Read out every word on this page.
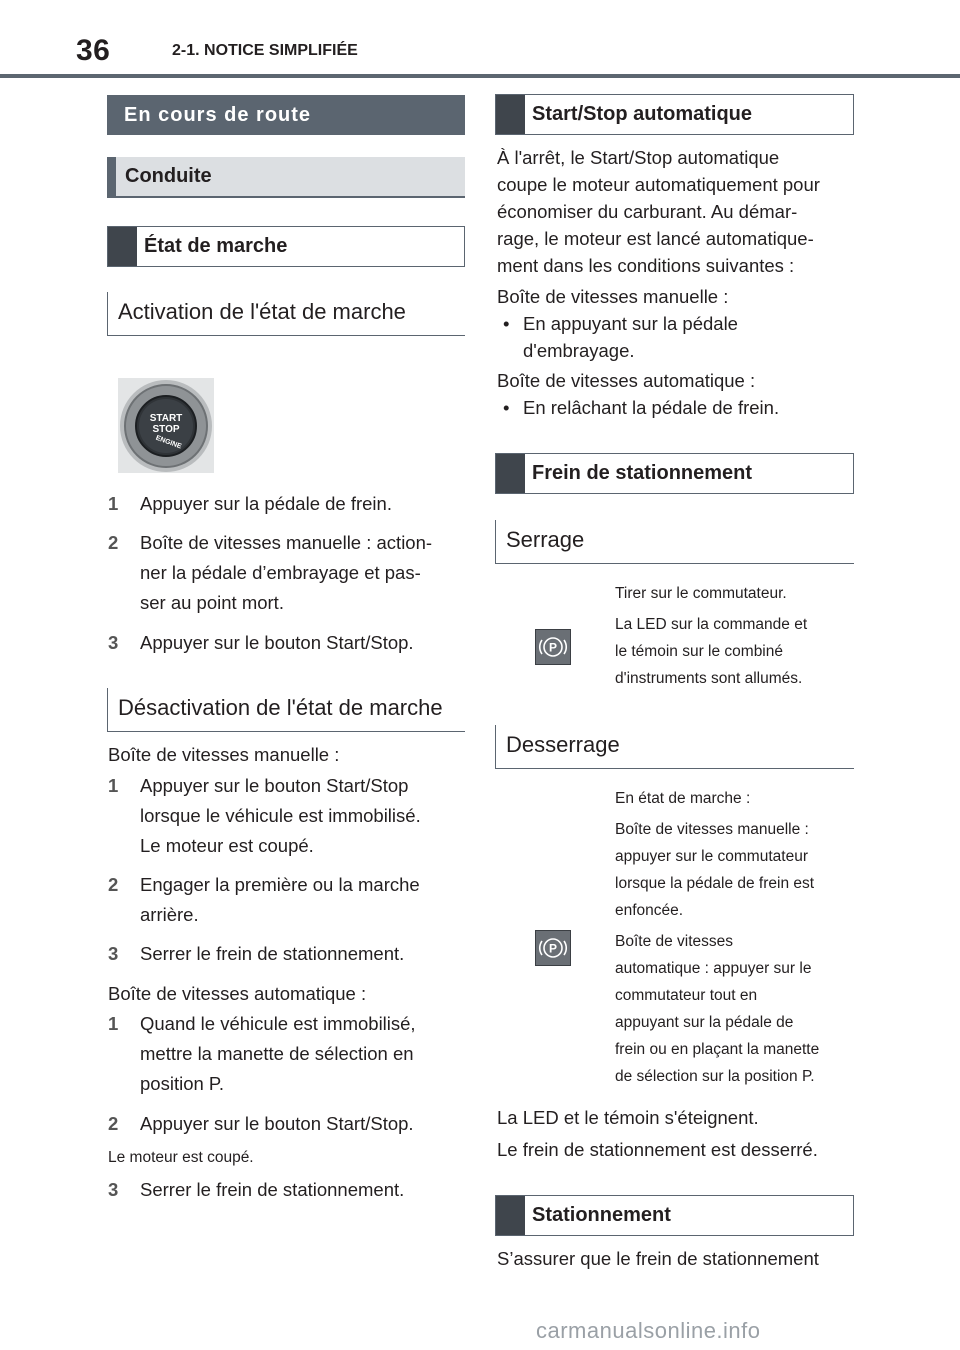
36	2-1. NOTICE SIMPLIFIÉE
En cours de route
Conduite
État de marche
Activation de l'état de marche
START
STOP
ENGINE
1 Appuyer sur la pédale de frein.
2 Boîte de vitesses manuelle : action-
ner la pédale d’embrayage et pas-
ser au point mort.
3 Appuyer sur le bouton Start/Stop.
Désactivation de l'état de marche
Boîte de vitesses manuelle :
1 Appuyer sur le bouton Start/Stop
lorsque le véhicule est immobilisé.
Le moteur est coupé.
2 Engager la première ou la marche
arrière.
3 Serrer le frein de stationnement.
Boîte de vitesses automatique :
1 Quand le véhicule est immobilisé,
mettre la manette de sélection en
position P.
2 Appuyer sur le bouton Start/Stop.
Le moteur est coupé.
3 Serrer le frein de stationnement.
Start/Stop automatique
À l'arrêt, le Start/Stop automatique
coupe le moteur automatiquement pour
économiser du carburant. Au démar-
rage, le moteur est lancé automatique-
ment dans les conditions suivantes :
Boîte de vitesses manuelle :
• En appuyant sur la pédale
d'embrayage.
Boîte de vitesses automatique :
• En relâchant la pédale de frein.
Frein de stationnement
Serrage
P
Tirer sur le commutateur.
La LED sur la commande et
le témoin sur le combiné
d'instruments sont allumés.
Desserrage
P
En état de marche :
Boîte de vitesses manuelle :
appuyer sur le commutateur
lorsque la pédale de frein est
enfoncée.
Boîte de vitesses
automatique : appuyer sur le
commutateur tout en
appuyant sur la pédale de
frein ou en plaçant la manette
de sélection sur la position P.
La LED et le témoin s'éteignent.
Le frein de stationnement est desserré.
Stationnement
S’assurer que le frein de stationnement
carmanualsonline.info
